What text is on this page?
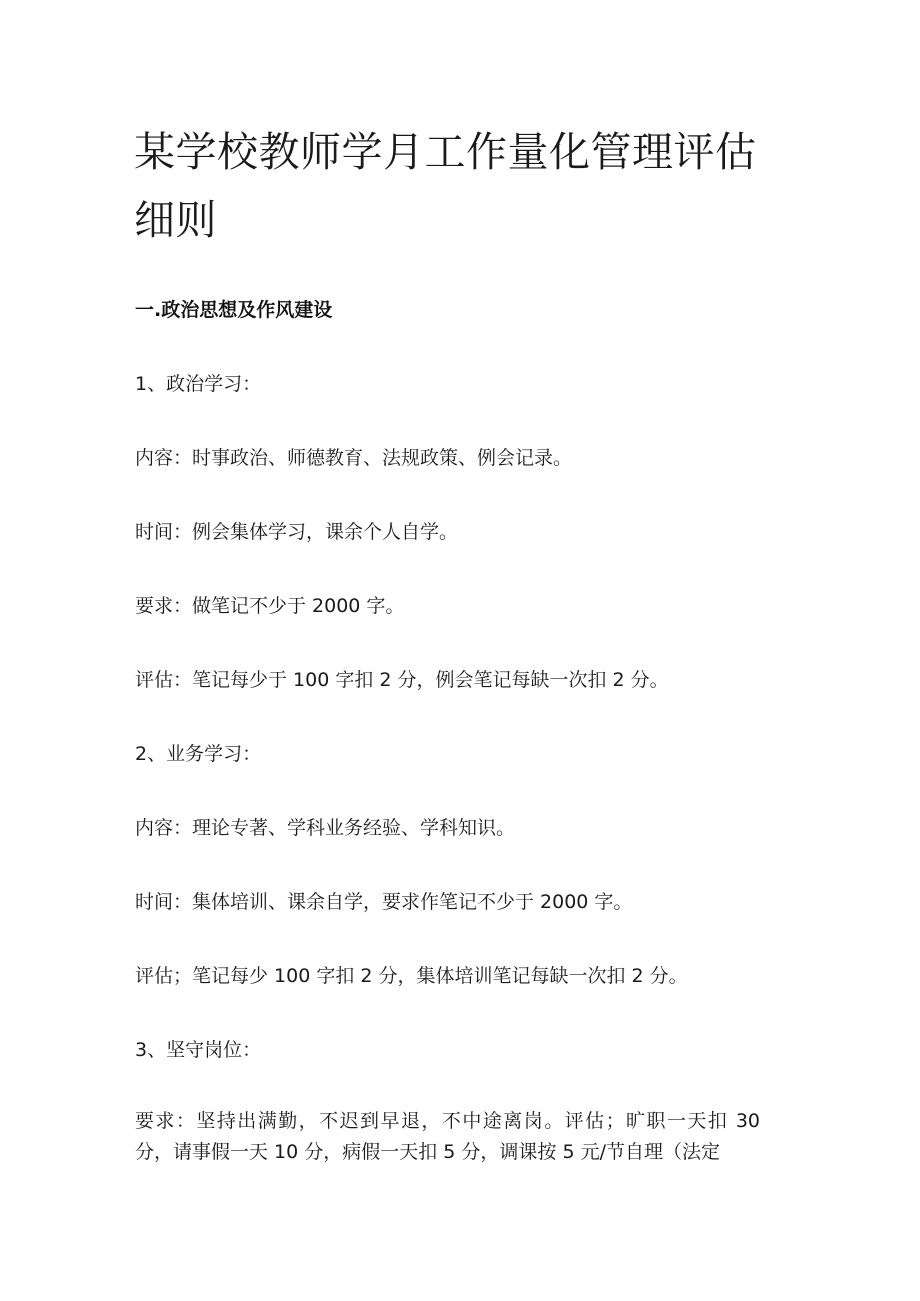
某学校教师学月工作量化管理评估细则
一.政治思想及作风建设

1、政治学习：

内容：时事政治、师德教育、法规政策、例会记录。

时间：例会集体学习，课余个人自学。

要求：做笔记不少于 2000 字。

评估：笔记每少于 100 字扣 2 分，例会笔记每缺一次扣 2 分。

2、业务学习：

内容：理论专著、学科业务经验、学科知识。

时间：集体培训、课余自学，要求作笔记不少于 2000 字。

评估；笔记每少 100 字扣 2 分，集体培训笔记每缺一次扣 2 分。

3、坚守岗位：

要求：坚持出满勤，不迟到早退，不中途离岗。评估；旷职一天扣 30 分，请事假一天 10 分，病假一天扣 5 分，调课按 5 元/节自理（法定
